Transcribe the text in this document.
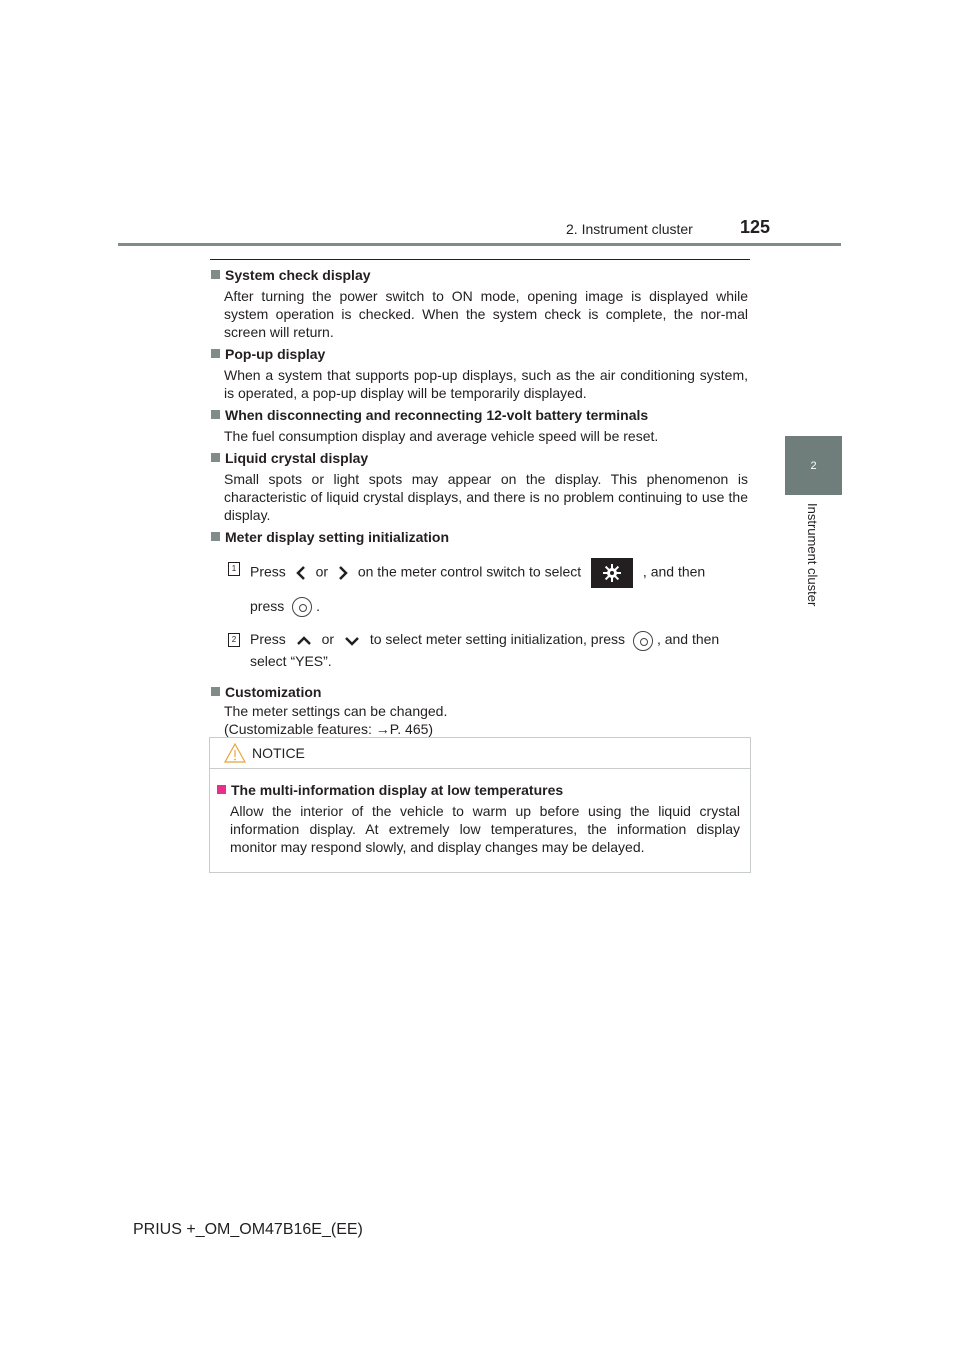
2. Instrument cluster	125
2
Instrument cluster

System check display

After turning the power switch to ON mode, opening image is displayed while system operation is checked. When the system check is complete, the nor-mal screen will return.

Pop-up display

When a system that supports pop-up displays, such as the air conditioning system, is operated, a pop-up display will be temporarily displayed.

When disconnecting and reconnecting 12-volt battery terminals

The fuel consumption display and average vehicle speed will be reset.

Liquid crystal display

Small spots or light spots may appear on the display. This phenomenon is characteristic of liquid crystal displays, and there is no problem continuing to use the display.

Meter display setting initialization

1 Press or on the meter control switch to select	, and then
press .
2 Press	or	to select meter setting initialization, press , and then
select “YES”.

Customization

The meter settings can be changed.
(Customizable features: →P. 465)
NOTICE

The multi-information display at low temperatures

Allow the interior of the vehicle to warm up before using the liquid crystal information display. At extremely low temperatures, the information display monitor may respond slowly, and display changes may be delayed.

PRIUS +_OM_OM47B16E_(EE)
